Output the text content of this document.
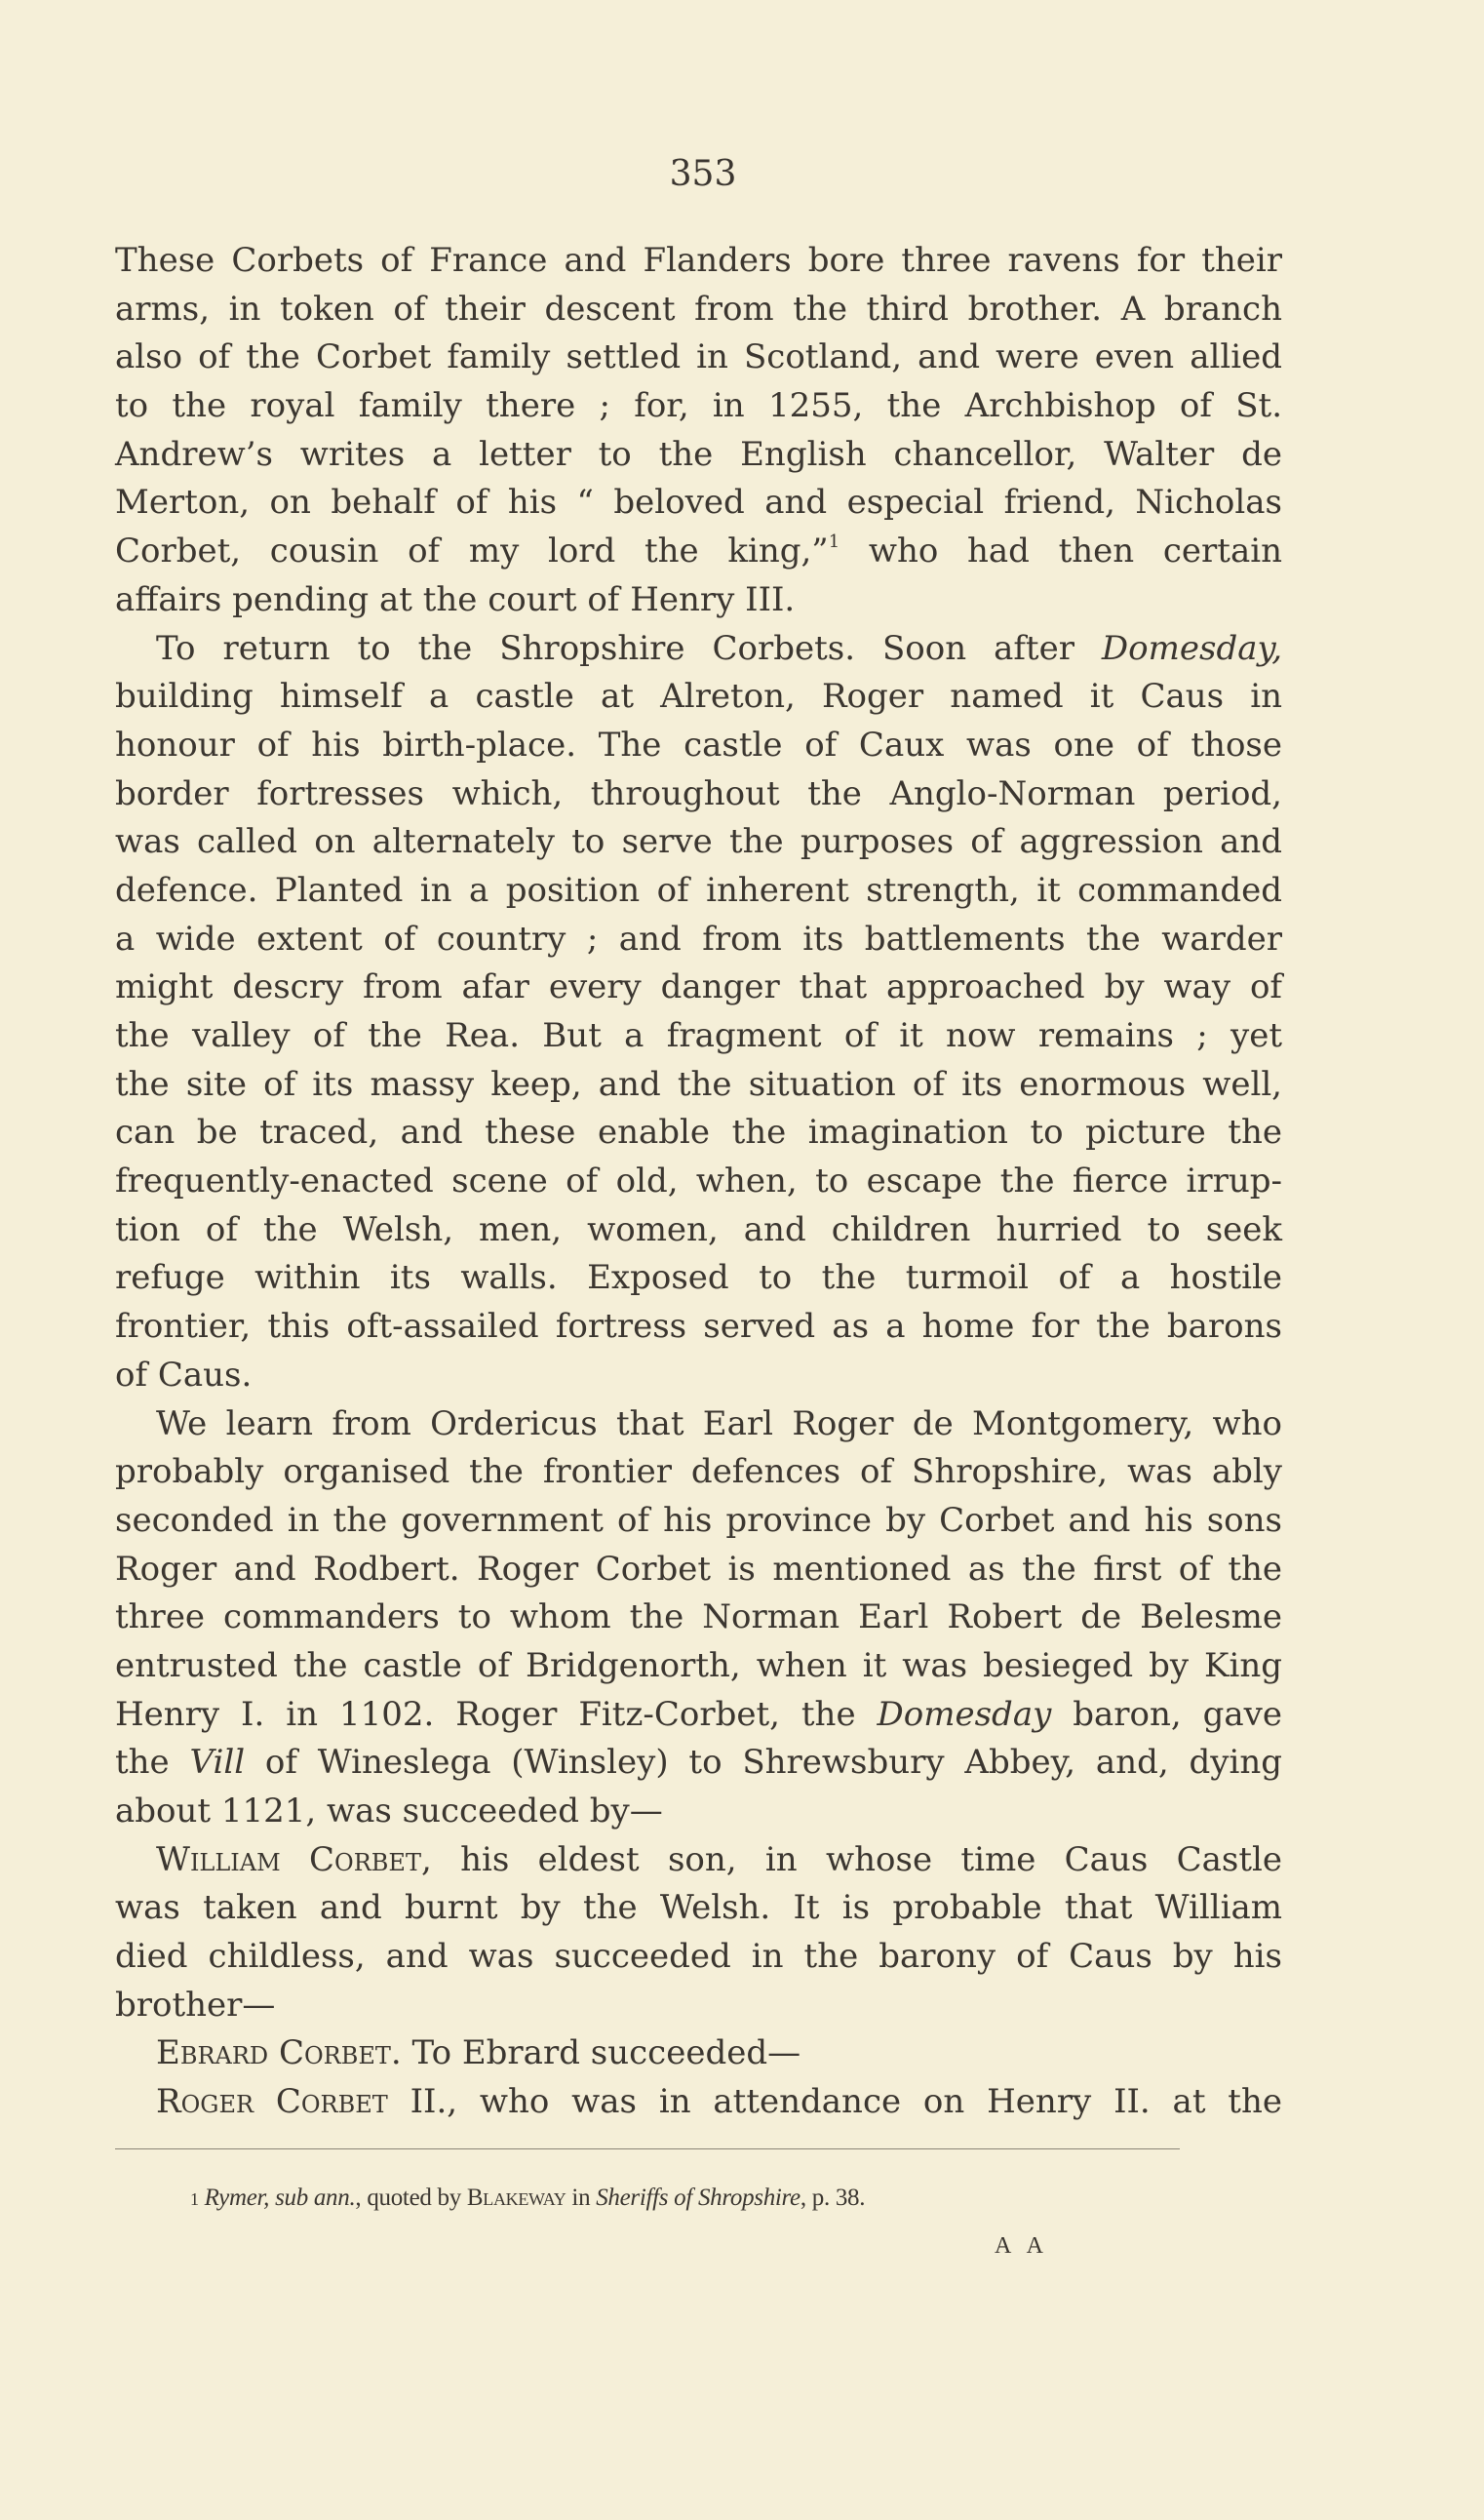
353
These Corbets of France and Flanders bore three ravens for their
arms, in token of their descent from the third brother. A branch
also of the Corbet family settled in Scotland, and were even allied
to the royal family there ; for, in 1255, the Archbishop of St.
Andrew’s writes a letter to the English chancellor, Walter de
Merton, on behalf of his “ beloved and especial friend, Nicholas
Corbet, cousin of my lord the king,”$^1$ who had then certain
affairs pending at the court of Henry III.
To return to the Shropshire Corbets. Soon after Domesday,
building himself a castle at Alreton, Roger named it Caus in
honour of his birth-place. The castle of Caux was one of those
border fortresses which, throughout the Anglo-Norman period,
was called on alternately to serve the purposes of aggression and
defence. Planted in a position of inherent strength, it commanded
a wide extent of country ; and from its battlements the warder
might descry from afar every danger that approached by way of
the valley of the Rea. But a fragment of it now remains ; yet
the site of its massy keep, and the situation of its enormous well,
can be traced, and these enable the imagination to picture the
frequently-enacted scene of old, when, to escape the fierce irrup-
tion of the Welsh, men, women, and children hurried to seek
refuge within its walls. Exposed to the turmoil of a hostile
frontier, this oft-assailed fortress served as a home for the barons
of Caus.
We learn from Ordericus that Earl Roger de Montgomery, who
probably organised the frontier defences of Shropshire, was ably
seconded in the government of his province by Corbet and his sons
Roger and Rodbert. Roger Corbet is mentioned as the first of the
three commanders to whom the Norman Earl Robert de Belesme
entrusted the castle of Bridgenorth, when it was besieged by King
Henry I. in 1102. Roger Fitz-Corbet, the Domesday baron, gave
the Vill of Wineslega (Winsley) to Shrewsbury Abbey, and, dying
about 1121, was succeeded by—
William Corbet, his eldest son, in whose time Caus Castle
was taken and burnt by the Welsh. It is probable that William
died childless, and was succeeded in the barony of Caus by his
brother—
Ebrard Corbet. To Ebrard succeeded—
Roger Corbet II., who was in attendance on Henry II. at the
$^1$ Rymer, sub ann., quoted by Blakeway in Sheriffs of Shropshire, p. 38.
A A
